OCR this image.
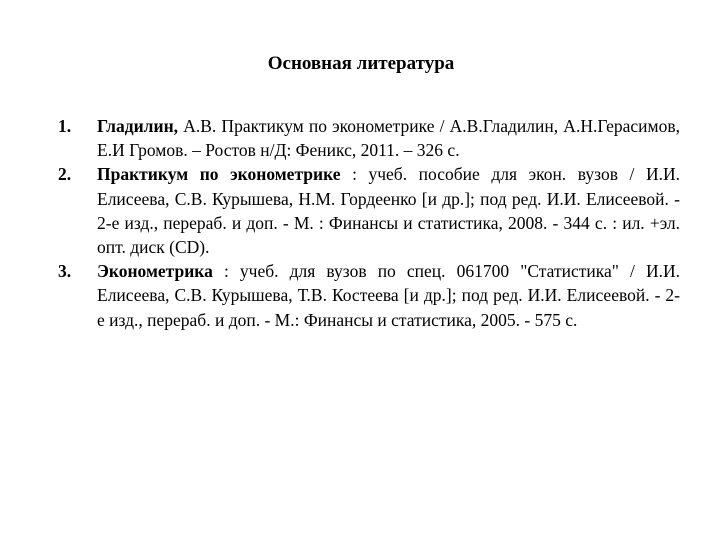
Основная литература
1.	Гладилин, А.В. Практикум по эконометрике / А.В.Гладилин, А.Н.Герасимов, Е.И Громов. – Ростов н/Д: Феникс, 2011. – 326 с.
2.	Практикум по эконометрике : учеб. пособие для экон. вузов / И.И. Елисеева, С.В. Курышева, Н.М. Гордеенко [и др.]; под ред. И.И. Елисеевой. - 2-е изд., перераб. и доп. - М. : Финансы и статистика, 2008. - 344 с. : ил. +эл. опт. диск (CD).
3.	Эконометрика : учеб. для вузов по спец. 061700 "Статистика" / И.И. Елисеева, С.В. Курышева, Т.В. Костеева [и др.]; под ред. И.И. Елисеевой. - 2-е изд., перераб. и доп. - М.: Финансы и статистика, 2005. - 575 с.
